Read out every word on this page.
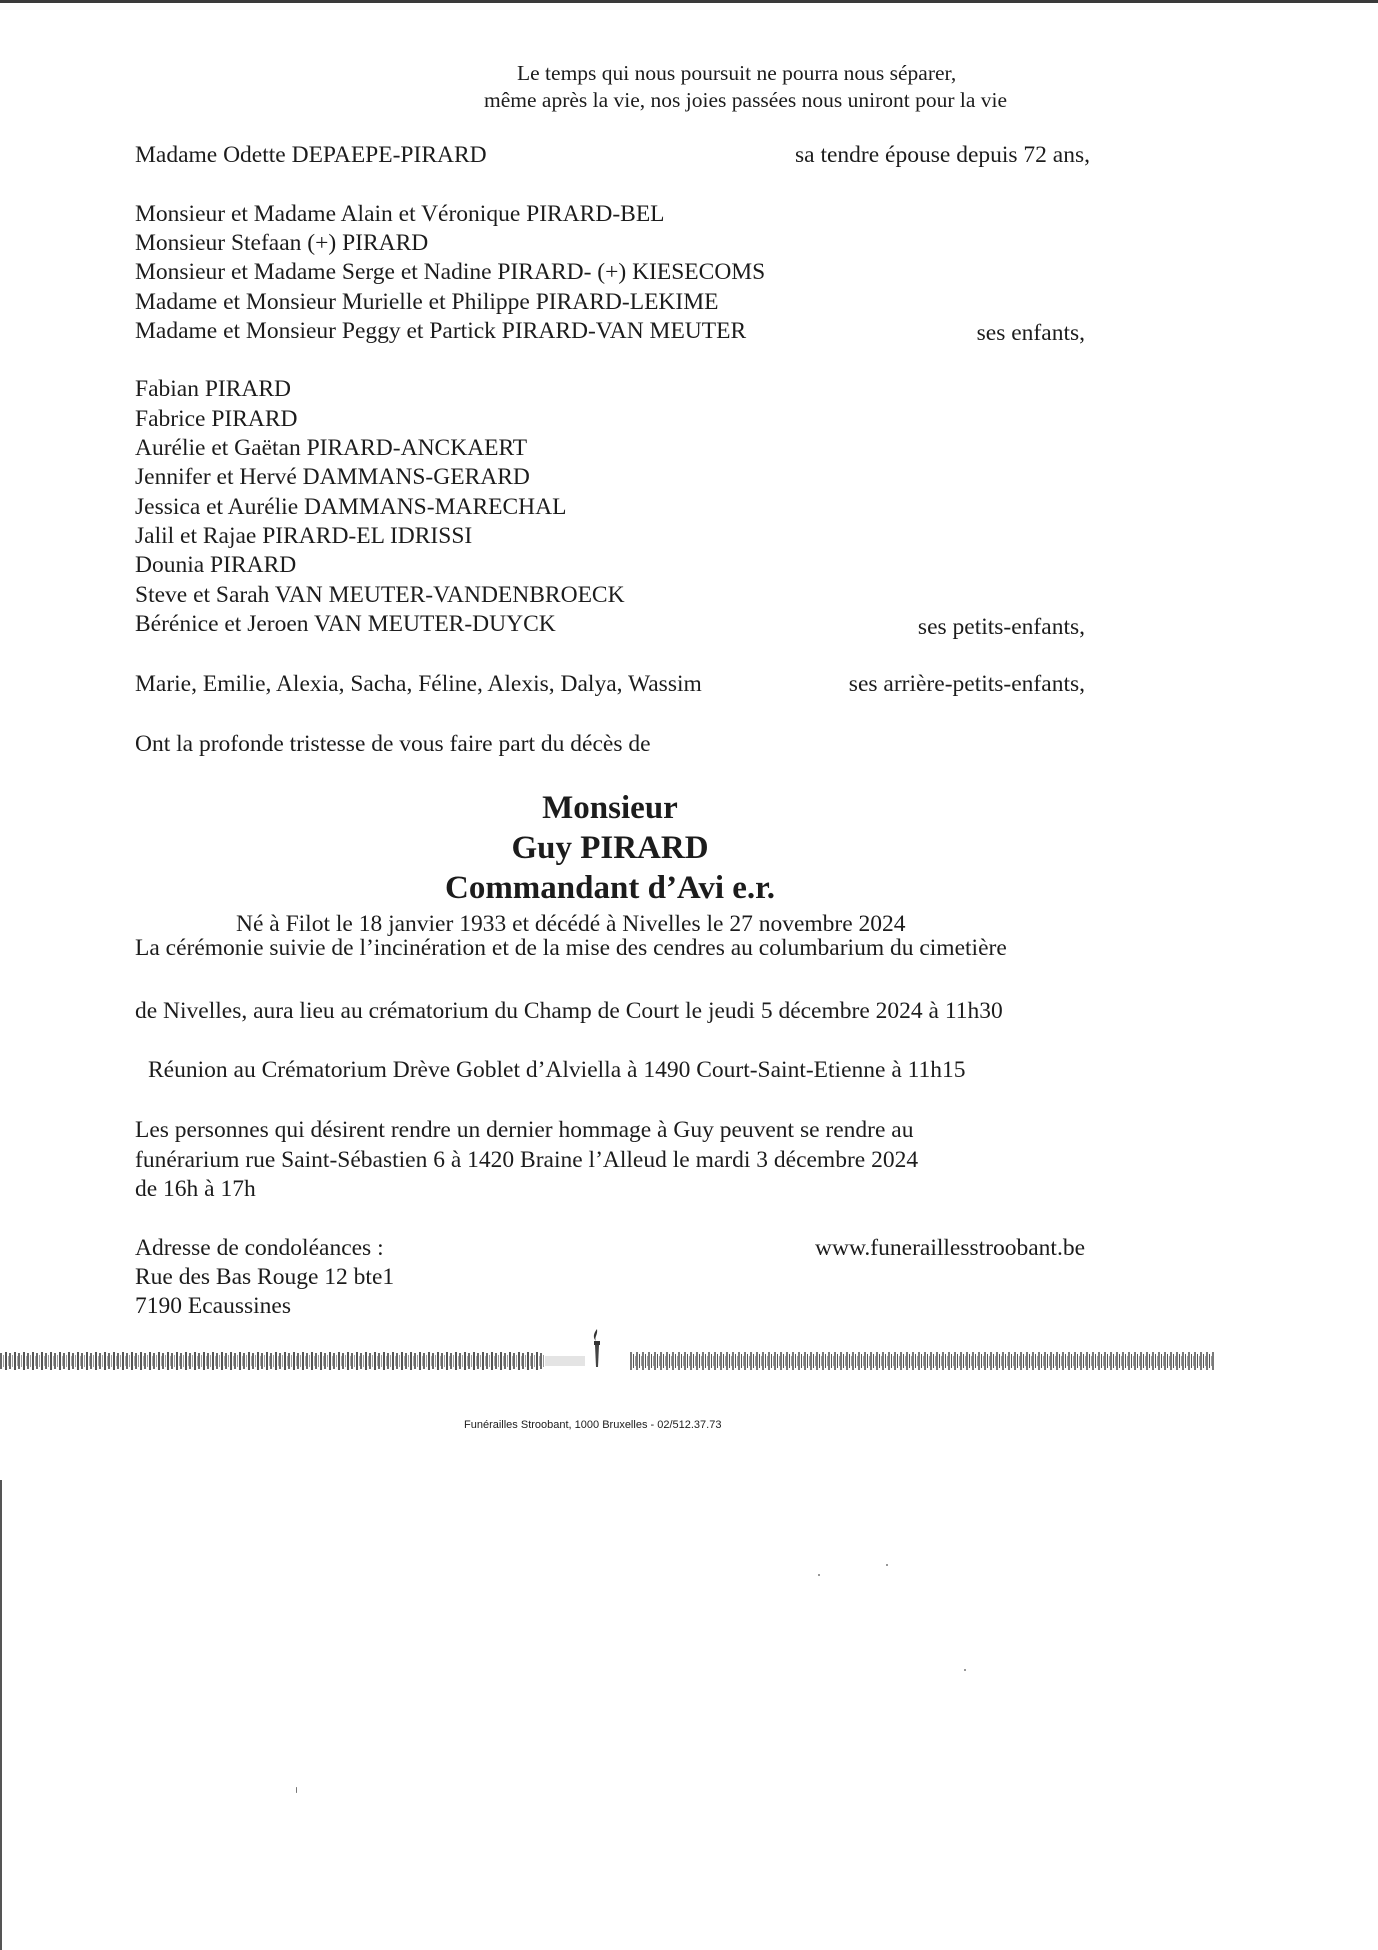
Le temps qui nous poursuit ne pourra nous séparer,
même après la vie, nos joies passées nous uniront pour la vie
Madame Odette DEPAEPE-PIRARD	sa tendre épouse depuis 72 ans,
Monsieur et Madame Alain et Véronique PIRARD-BEL
Monsieur Stefaan (+) PIRARD
Monsieur et Madame Serge et Nadine PIRARD- (+) KIESECOMS
Madame et Monsieur Murielle et Philippe PIRARD-LEKIME
Madame et Monsieur Peggy et Partick PIRARD-VAN MEUTER	ses enfants,
Fabian PIRARD
Fabrice PIRARD
Aurélie et Gaëtan PIRARD-ANCKAERT
Jennifer et Hervé DAMMANS-GERARD
Jessica et Aurélie DAMMANS-MARECHAL
Jalil et Rajae PIRARD-EL IDRISSI
Dounia PIRARD
Steve et Sarah VAN MEUTER-VANDENBROECK
Bérénice et Jeroen VAN MEUTER-DUYCK	ses petits-enfants,
Marie, Emilie, Alexia, Sacha, Féline, Alexis, Dalya, Wassim	ses arrière-petits-enfants,
Ont la profonde tristesse de vous faire part du décès de
Monsieur
Guy PIRARD
Commandant d’Avi e.r.
Né à Filot le 18 janvier 1933 et décédé à Nivelles le 27 novembre 2024
La cérémonie suivie de l’incinération et de la mise des cendres au columbarium du cimetière
de Nivelles, aura lieu au crématorium du Champ de Court le jeudi 5 décembre 2024 à 11h30
Réunion au Crématorium Drève Goblet d’Alviella à 1490 Court-Saint-Etienne à 11h15
Les personnes qui désirent rendre un dernier hommage à Guy peuvent se rendre au
funérarium rue Saint-Sébastien 6 à 1420 Braine l’Alleud le mardi 3 décembre 2024
de 16h à 17h
Adresse de condoléances :
Rue des Bas Rouge 12 bte1
7190 Ecaussines
www.funeraillesstroobant.be
Funérailles Stroobant, 1000 Bruxelles - 02/512.37.73
